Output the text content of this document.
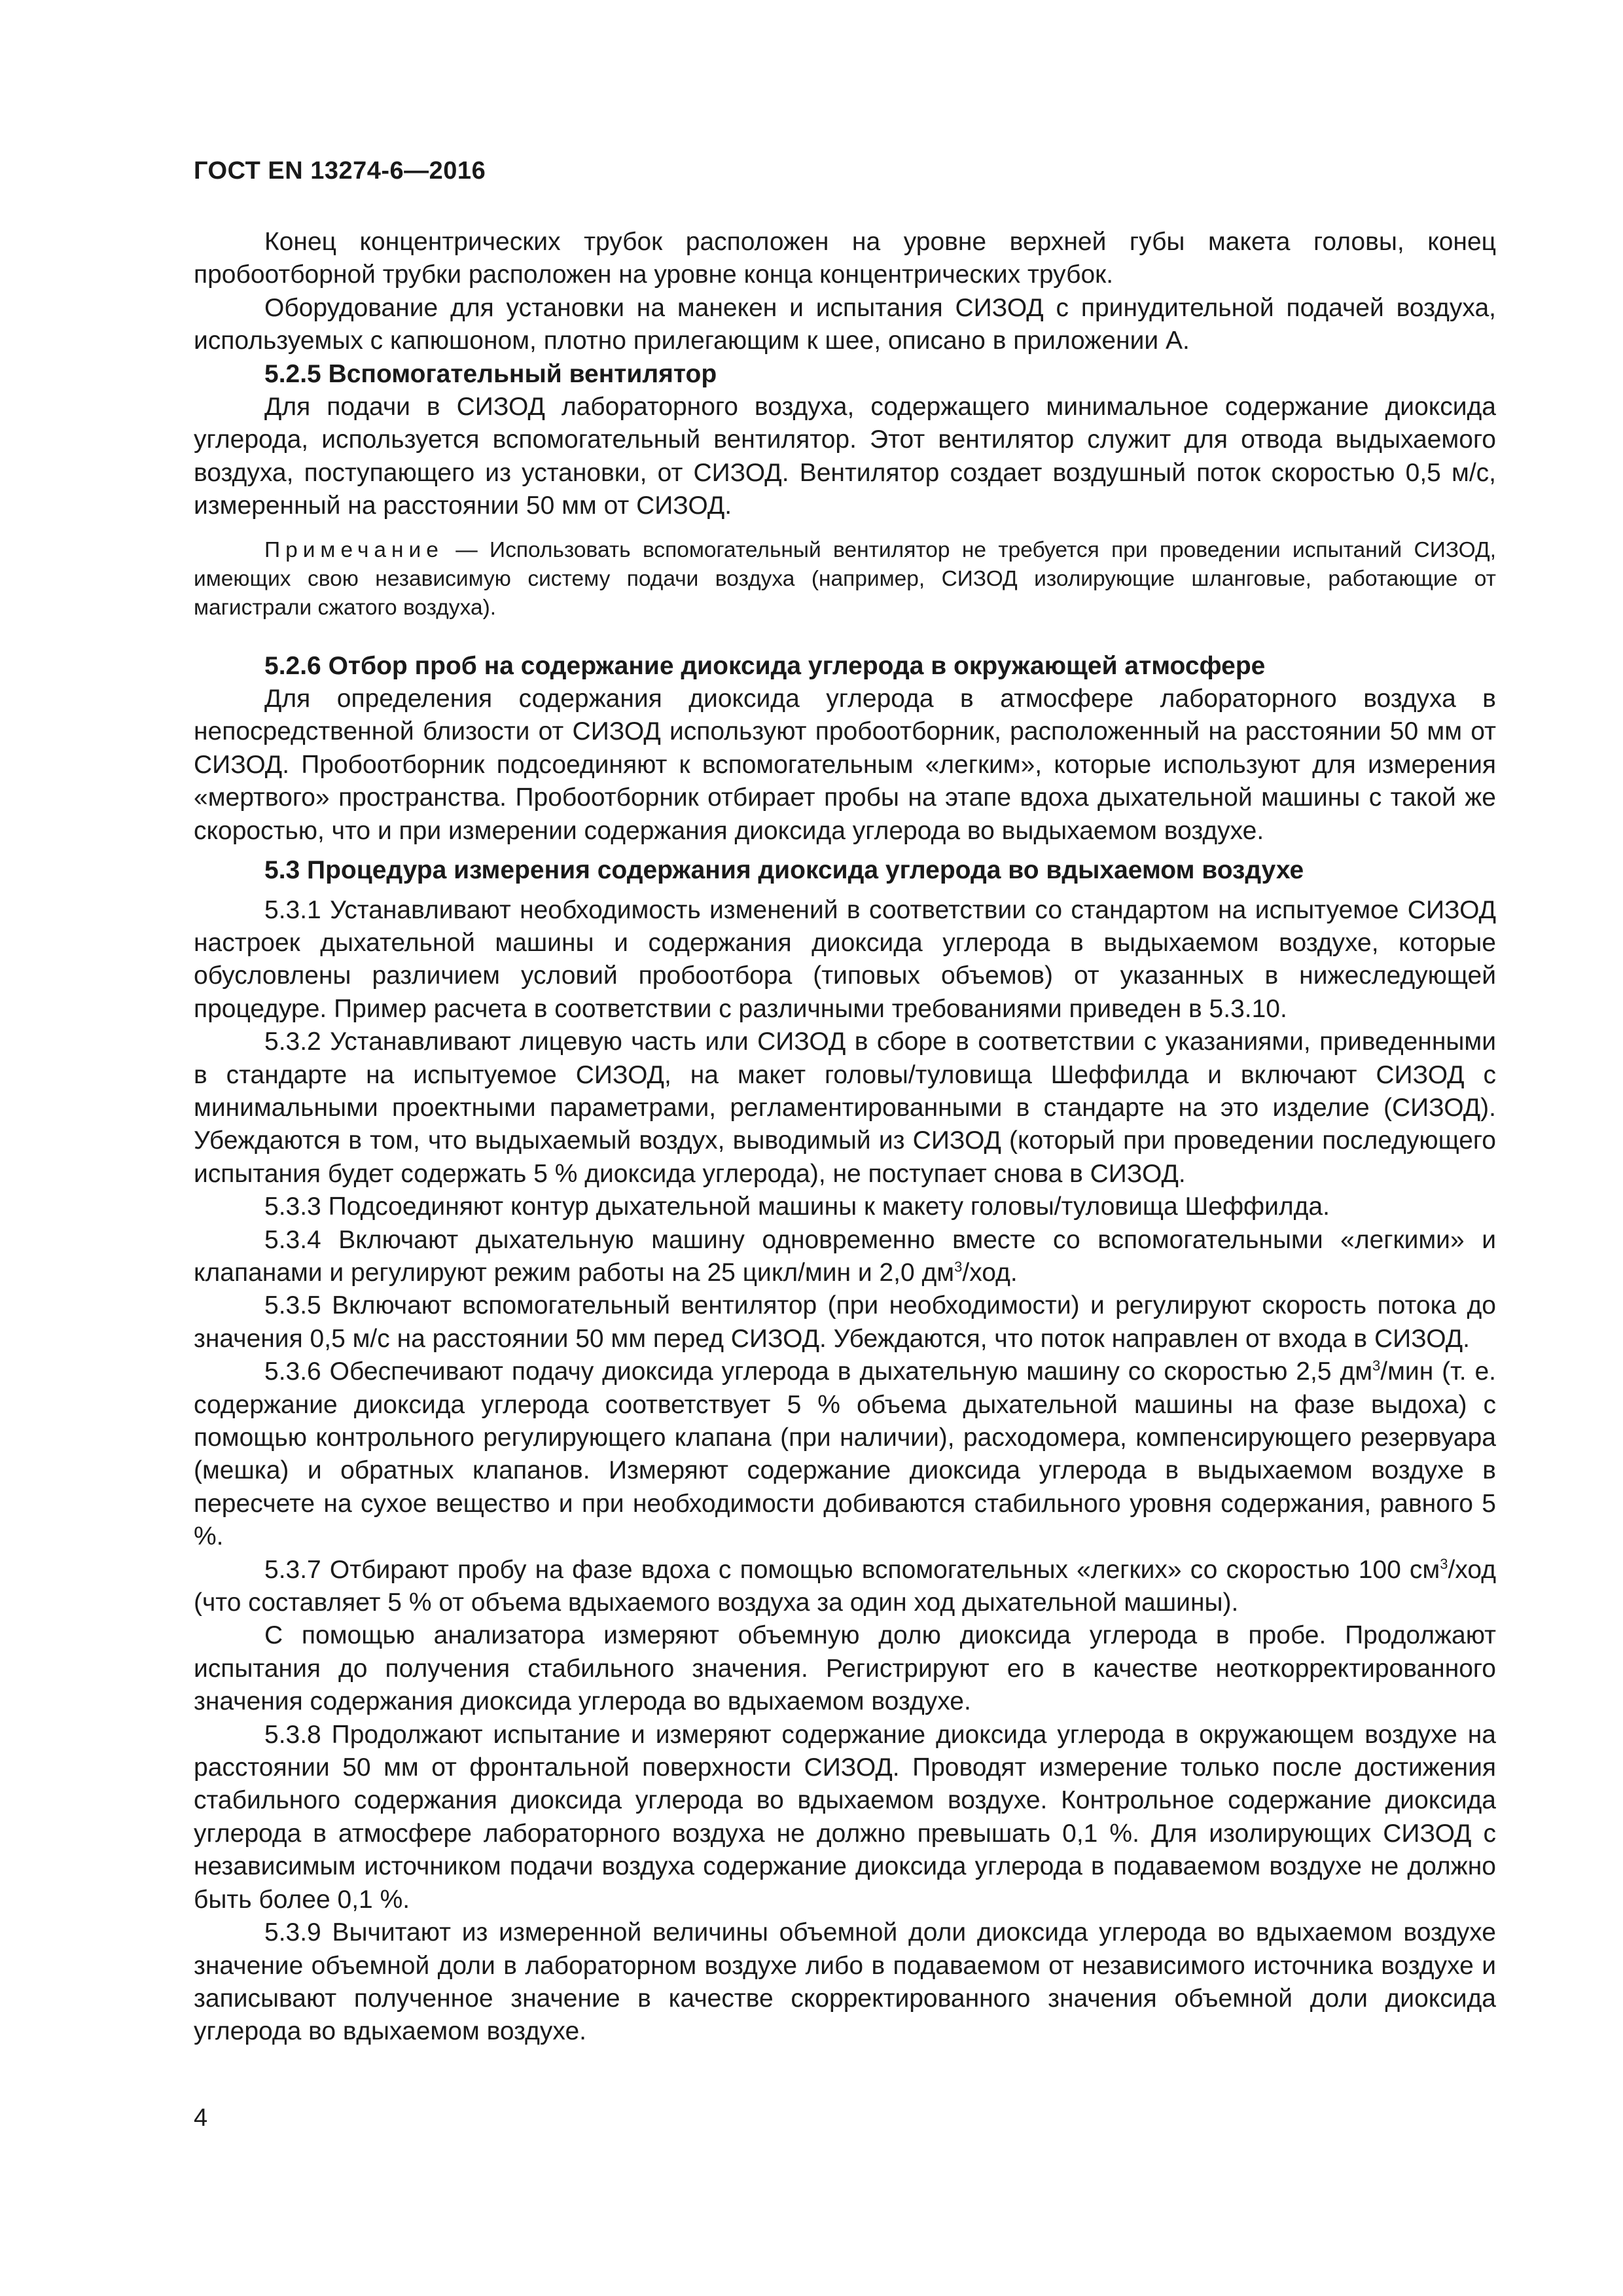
ГОСТ EN 13274-6—2016

Конец концентрических трубок расположен на уровне верхней губы макета головы, конец пробоотборной трубки расположен на уровне конца концентрических трубок.

Оборудование для установки на манекен и испытания СИЗОД с принудительной подачей воздуха, используемых с капюшоном, плотно прилегающим к шее, описано в приложении А.

5.2.5 Вспомогательный вентилятор

Для подачи в СИЗОД лабораторного воздуха, содержащего минимальное содержание диоксида углерода, используется вспомогательный вентилятор. Этот вентилятор служит для отвода выдыхаемого воздуха, поступающего из установки, от СИЗОД. Вентилятор создает воздушный поток скоростью 0,5 м/с, измеренный на расстоянии 50 мм от СИЗОД.

Примечание — Использовать вспомогательный вентилятор не требуется при проведении испытаний СИЗОД, имеющих свою независимую систему подачи воздуха (например, СИЗОД изолирующие шланговые, работающие от магистрали сжатого воздуха).

5.2.6 Отбор проб на содержание диоксида углерода в окружающей атмосфере

Для определения содержания диоксида углерода в атмосфере лабораторного воздуха в непосредственной близости от СИЗОД используют пробоотборник, расположенный на расстоянии 50 мм от СИЗОД. Пробоотборник подсоединяют к вспомогательным «легким», которые используют для измерения «мертвого» пространства. Пробоотборник отбирает пробы на этапе вдоха дыхательной машины с такой же скоростью, что и при измерении содержания диоксида углерода во выдыхаемом воздухе.

5.3 Процедура измерения содержания диоксида углерода во вдыхаемом воздухе

5.3.1 Устанавливают необходимость изменений в соответствии со стандартом на испытуемое СИЗОД настроек дыхательной машины и содержания диоксида углерода в выдыхаемом воздухе, которые обусловлены различием условий пробоотбора (типовых объемов) от указанных в нижеследующей процедуре. Пример расчета в соответствии с различными требованиями приведен в 5.3.10.

5.3.2 Устанавливают лицевую часть или СИЗОД в сборе в соответствии с указаниями, приведенными в стандарте на испытуемое СИЗОД, на макет головы/туловища Шеффилда и включают СИЗОД с минимальными проектными параметрами, регламентированными в стандарте на это изделие (СИЗОД). Убеждаются в том, что выдыхаемый воздух, выводимый из СИЗОД (который при проведении последующего испытания будет содержать 5 % диоксида углерода), не поступает снова в СИЗОД.

5.3.3 Подсоединяют контур дыхательной машины к макету головы/туловища Шеффилда.

5.3.4 Включают дыхательную машину одновременно вместе со вспомогательными «легкими» и клапанами и регулируют режим работы на 25 цикл/мин и 2,0 $дм^3$/ход.

5.3.5 Включают вспомогательный вентилятор (при необходимости) и регулируют скорость потока до значения 0,5 м/с на расстоянии 50 мм перед СИЗОД. Убеждаются, что поток направлен от входа в СИЗОД.

5.3.6 Обеспечивают подачу диоксида углерода в дыхательную машину со скоростью 2,5 $дм^3$/мин (т. е. содержание диоксида углерода соответствует 5 % объема дыхательной машины на фазе выдоха) с помощью контрольного регулирующего клапана (при наличии), расходомера, компенсирующего резервуара (мешка) и обратных клапанов. Измеряют содержание диоксида углерода в выдыхаемом воздухе в пересчете на сухое вещество и при необходимости добиваются стабильного уровня содержания, равного 5 %.

5.3.7 Отбирают пробу на фазе вдоха с помощью вспомогательных «легких» со скоростью 100 $см^3$/ход (что составляет 5 % от объема вдыхаемого воздуха за один ход дыхательной машины).

С помощью анализатора измеряют объемную долю диоксида углерода в пробе. Продолжают испытания до получения стабильного значения. Регистрируют его в качестве неоткорректированного значения содержания диоксида углерода во вдыхаемом воздухе.

5.3.8 Продолжают испытание и измеряют содержание диоксида углерода в окружающем воздухе на расстоянии 50 мм от фронтальной поверхности СИЗОД. Проводят измерение только после достижения стабильного содержания диоксида углерода во вдыхаемом воздухе. Контрольное содержание диоксида углерода в атмосфере лабораторного воздуха не должно превышать 0,1 %. Для изолирующих СИЗОД с независимым источником подачи воздуха содержание диоксида углерода в подаваемом воздухе не должно быть более 0,1 %.

5.3.9 Вычитают из измеренной величины объемной доли диоксида углерода во вдыхаемом воздухе значение объемной доли в лабораторном воздухе либо в подаваемом от независимого источника воздухе и записывают полученное значение в качестве скорректированного значения объемной доли диоксида углерода во вдыхаемом воздухе.

4
